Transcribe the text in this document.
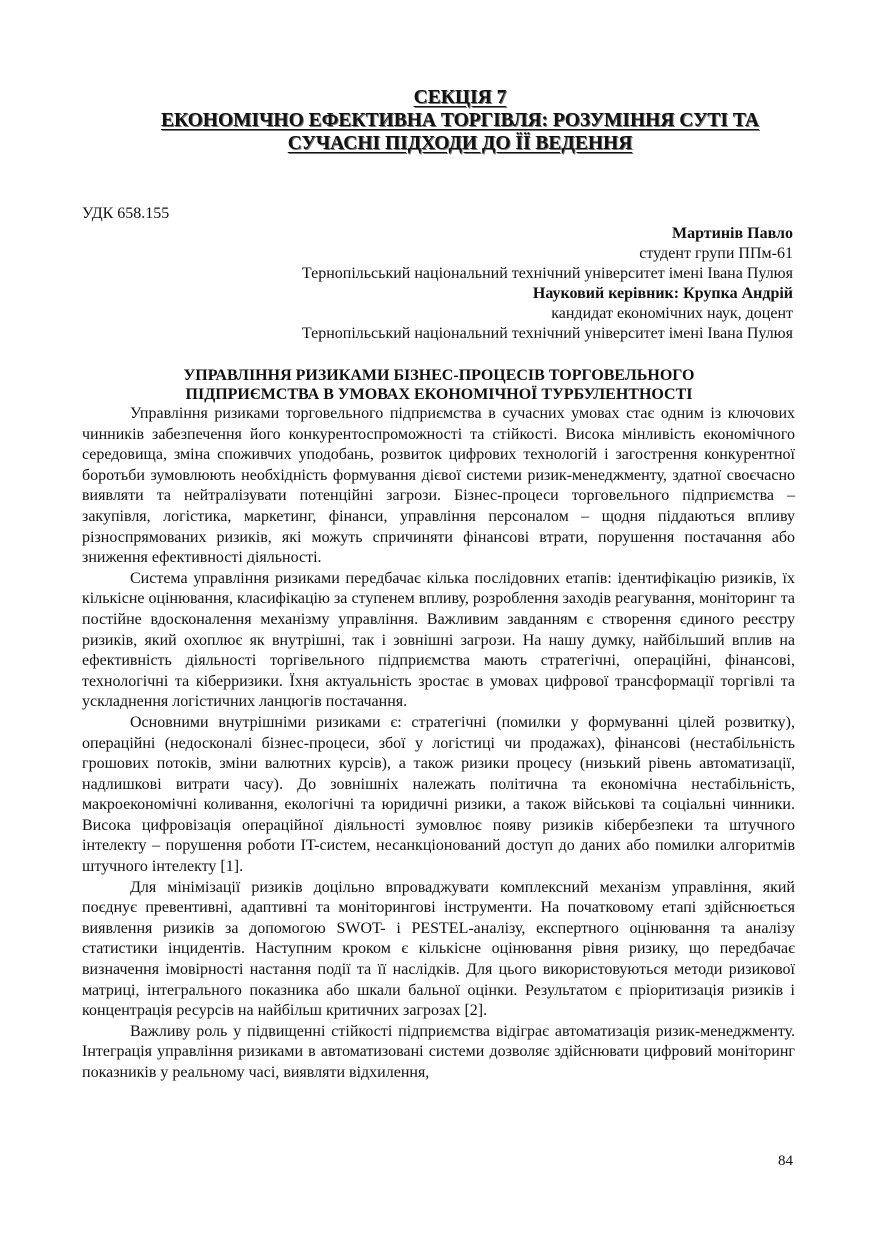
СЕКЦІЯ 7
ЕКОНОМІЧНО ЕФЕКТИВНА ТОРГІВЛЯ: РОЗУМІННЯ СУТІ ТА
СУЧАСНІ ПІДХОДИ ДО ЇЇ ВЕДЕННЯ
УДК 658.155
Мартинів Павло
студент групи ППм-61
Тернопільський національний технічний університет імені Івана Пулюя
Науковий керівник: Крупка Андрій
кандидат економічних наук, доцент
Тернопільський національний технічний університет імені Івана Пулюя
УПРАВЛІННЯ РИЗИКАМИ БІЗНЕС-ПРОЦЕСІВ ТОРГОВЕЛЬНОГО
ПІДПРИЄМСТВА В УМОВАХ ЕКОНОМІЧНОЇ ТУРБУЛЕНТНОСТІ

Управління ризиками торговельного підприємства в сучасних умовах стає одним із ключових чинників забезпечення його конкурентоспроможності та стійкості. Висока мінливість економічного середовища, зміна споживчих уподобань, розвиток цифрових технологій і загострення конкурентної боротьби зумовлюють необхідність формування дієвої системи ризик-менеджменту, здатної своєчасно виявляти та нейтралізувати потенційні загрози. Бізнес-процеси торговельного підприємства – закупівля, логістика, маркетинг, фінанси, управління персоналом – щодня піддаються впливу різноспрямованих ризиків, які можуть спричиняти фінансові втрати, порушення постачання або зниження ефективності діяльності.

Система управління ризиками передбачає кілька послідовних етапів: ідентифікацію ризиків, їх кількісне оцінювання, класифікацію за ступенем впливу, розроблення заходів реагування, моніторинг та постійне вдосконалення механізму управління. Важливим завданням є створення єдиного реєстру ризиків, який охоплює як внутрішні, так і зовнішні загрози. На нашу думку, найбільший вплив на ефективність діяльності торгівельного підприємства мають стратегічні, операційні, фінансові, технологічні та кіберризики. Їхня актуальність зростає в умовах цифрової трансформації торгівлі та ускладнення логістичних ланцюгів постачання.

Основними внутрішніми ризиками є: стратегічні (помилки у формуванні цілей розвитку), операційні (недосконалі бізнес-процеси, збої у логістиці чи продажах), фінансові (нестабільність грошових потоків, зміни валютних курсів), а також ризики процесу (низький рівень автоматизації, надлишкові витрати часу). До зовнішніх належать політична та економічна нестабільність, макроекономічні коливання, екологічні та юридичні ризики, а також військові та соціальні чинники. Висока цифровізація операційної діяльності зумовлює появу ризиків кібербезпеки та штучного інтелекту – порушення роботи IT-систем, несанкціонований доступ до даних або помилки алгоритмів штучного інтелекту [1].

Для мінімізації ризиків доцільно впроваджувати комплексний механізм управління, який поєднує превентивні, адаптивні та моніторингові інструменти. На початковому етапі здійснюється виявлення ризиків за допомогою SWOT- і PESTEL-аналізу, експертного оцінювання та аналізу статистики інцидентів. Наступним кроком є кількісне оцінювання рівня ризику, що передбачає визначення імовірності настання події та її наслідків. Для цього використовуються методи ризикової матриці, інтегрального показника або шкали бальної оцінки. Результатом є пріоритизація ризиків і концентрація ресурсів на найбільш критичних загрозах [2].

Важливу роль у підвищенні стійкості підприємства відіграє автоматизація ризик-менеджменту. Інтеграція управління ризиками в автоматизовані системи дозволяє здійснювати цифровий моніторинг показників у реальному часі, виявляти відхилення,

84
